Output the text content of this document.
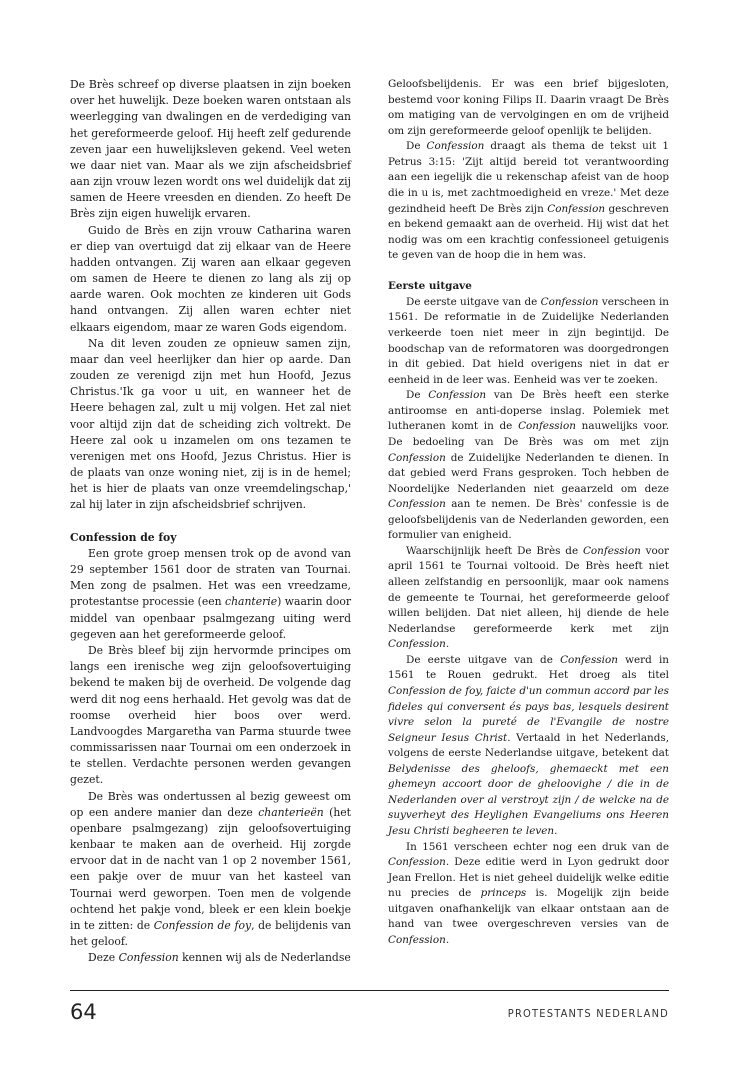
De Brès schreef op diverse plaatsen in zijn boeken over het huwelijk. Deze boeken waren ontstaan als weerlegging van dwalingen en de verdediging van het gereformeerde geloof. Hij heeft zelf gedurende zeven jaar een huwelijksleven gekend. Veel weten we daar niet van. Maar als we zijn afscheidsbrief aan zijn vrouw lezen wordt ons wel duidelijk dat zij samen de Heere vreesden en dienden. Zo heeft De Brès zijn eigen huwelijk ervaren.

Guido de Brès en zijn vrouw Catharina waren er diep van overtuigd dat zij elkaar van de Heere hadden ontvangen. Zij waren aan elkaar gegeven om samen de Heere te dienen zo lang als zij op aarde waren. Ook mochten ze kinderen uit Gods hand ontvangen. Zij allen waren echter niet elkaars eigendom, maar ze waren Gods eigendom.

Na dit leven zouden ze opnieuw samen zijn, maar dan veel heerlijker dan hier op aarde. Dan zouden ze verenigd zijn met hun Hoofd, Jezus Christus.'Ik ga voor u uit, en wanneer het de Heere behagen zal, zult u mij volgen. Het zal niet voor altijd zijn dat de scheiding zich voltrekt. De Heere zal ook u inzamelen om ons tezamen te verenigen met ons Hoofd, Jezus Christus. Hier is de plaats van onze woning niet, zij is in de hemel; het is hier de plaats van onze vreemdelingschap,' zal hij later in zijn afscheidsbrief schrijven.

Confession de foy

Een grote groep mensen trok op de avond van 29 september 1561 door de straten van Tournai. Men zong de psalmen. Het was een vreedzame, protestantse processie (een chanterie) waarin door middel van openbaar psalmgezang uiting werd gegeven aan het gereformeerde geloof.

De Brès bleef bij zijn hervormde principes om langs een irenische weg zijn geloofsovertuiging bekend te maken bij de overheid. De volgende dag werd dit nog eens herhaald. Het gevolg was dat de roomse overheid hier boos over werd. Landvoogdes Margaretha van Parma stuurde twee commissarissen naar Tournai om een onderzoek in te stellen. Verdachte personen werden gevangen gezet.

De Brès was ondertussen al bezig geweest om op een andere manier dan deze chanterieën (het openbare psalmgezang) zijn geloofsovertuiging kenbaar te maken aan de overheid. Hij zorgde ervoor dat in de nacht van 1 op 2 november 1561, een pakje over de muur van het kasteel van Tournai werd geworpen. Toen men de volgende ochtend het pakje vond, bleek er een klein boekje in te zitten: de Confession de foy, de belijdenis van het geloof.

Deze Confession kennen wij als de Nederlandse

Geloofsbelijdenis. Er was een brief bijgesloten, bestemd voor koning Filips II. Daarin vraagt De Brès om matiging van de vervolgingen en om de vrijheid om zijn gereformeerde geloof openlijk te belijden.

De Confession draagt als thema de tekst uit 1 Petrus 3:15: 'Zijt altijd bereid tot verantwoording aan een iegelijk die u rekenschap afeist van de hoop die in u is, met zachtmoedigheid en vreze.' Met deze gezindheid heeft De Brès zijn Confession geschreven en bekend gemaakt aan de overheid. Hij wist dat het nodig was om een krachtig confessioneel getuigenis te geven van de hoop die in hem was.

Eerste uitgave

De eerste uitgave van de Confession verscheen in 1561. De reformatie in de Zuidelijke Nederlanden verkeerde toen niet meer in zijn begintijd. De boodschap van de reformatoren was doorgedrongen in dit gebied. Dat hield overigens niet in dat er eenheid in de leer was. Eenheid was ver te zoeken.

De Confession van De Brès heeft een sterke antiroomse en anti-doperse inslag. Polemiek met lutheranen komt in de Confession nauwelijks voor. De bedoeling van De Brès was om met zijn Confession de Zuidelijke Nederlanden te dienen. In dat gebied werd Frans gesproken. Toch hebben de Noordelijke Nederlanden niet geaarzeld om deze Confession aan te nemen. De Brès' confessie is de geloofsbelijdenis van de Nederlanden geworden, een formulier van enigheid.

Waarschijnlijk heeft De Brès de Confession voor april 1561 te Tournai voltooid. De Brès heeft niet alleen zelfstandig en persoonlijk, maar ook namens de gemeente te Tournai, het gereformeerde geloof willen belijden. Dat niet alleen, hij diende de hele Nederlandse gereformeerde kerk met zijn Confession.

De eerste uitgave van de Confession werd in 1561 te Rouen gedrukt. Het droeg als titel Confession de foy, faicte d'un commun accord par les fideles qui conversent és pays bas, lesquels desirent vivre selon la pureté de l'Evangile de nostre Seigneur Iesus Christ. Vertaald in het Nederlands, volgens de eerste Nederlandse uitgave, betekent dat Belydenisse des gheloofs, ghemaeckt met een ghemeyn accoort door de gheloovighe / die in de Nederlanden over al verstroyt zijn / de welcke na de suyverheyt des Heylighen Evangeliums ons Heeren Jesu Christi begheeren te leven.

In 1561 verscheen echter nog een druk van de Confession. Deze editie werd in Lyon gedrukt door Jean Frellon. Het is niet geheel duidelijk welke editie nu precies de princeps is. Mogelijk zijn beide uitgaven onafhankelijk van elkaar ontstaan aan de hand van twee overgeschreven versies van de Confession.

64	PROTESTANTS NEDERLAND
